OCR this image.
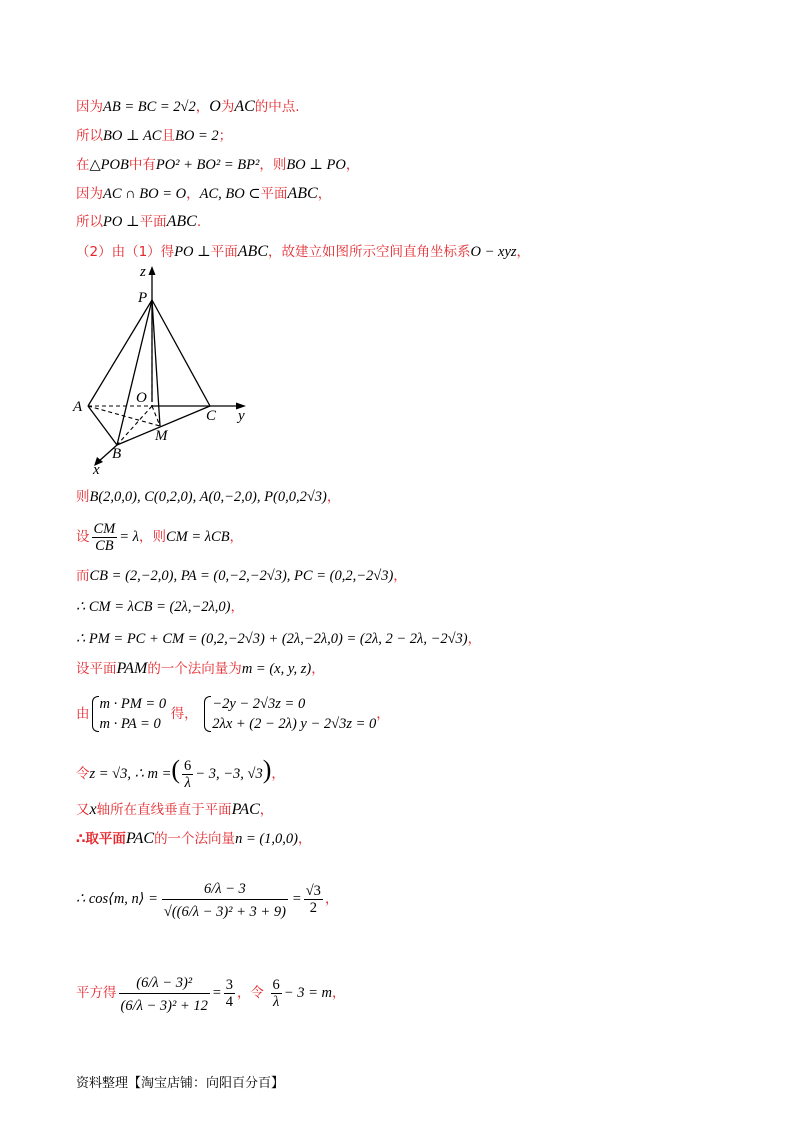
因为AB = BC = 2√2，O为AC的中点.
所以BO ⊥ AC且BO = 2；
在△POB中有PO² + BO² = BP²，则BO ⊥ PO，
因为AC ∩ BO = O，AC, BO ⊂平面ABC，
所以PO ⊥平面ABC.
（2）由（1）得PO ⊥平面ABC，故建立如图所示空间直角坐标系O − xyz，
z
P
A
O
C y
M
B
x
则B(2,0,0), C(0,2,0), A(0,−2,0), P(0,0,2√3)，
设 $\frac{CM}{CB} = \lambda$，则CM = λCB，
而CB = (2,−2,0), PA = (0,−2,−2√3), PC = (0,2,−2√3)，
∴ CM = λCB = (2λ,−2λ,0)，
∴ PM = PC + CM = (0,2,−2√3) + (2λ,−2λ,0) = (2λ, 2 − 2λ, −2√3)，
设平面PAM的一个法向量为m = (x, y, z)，
由
m · PM = 0
m · PA = 0
得，
−2y − 2√3z = 0
2λx + (2 − 2λ) y − 2√3z = 0
，
令z = √3, ∴ m =( $\frac{6}{\lambda} - 3$, −3, √3)，
又x轴所在直线垂直于平面PAC，
∴取平面PAC的一个法向量n = (1,0,0)，
∴ cos⟨m, n⟩ = $\frac{6/\lambda - 3}{\text{√((6/λ − 3)² + 3 + 9)}} = \frac{√3}{2}$ ，
平方得 $\frac{\text{(6/λ − 3)²}}{\text{(6/λ − 3)² + 12}} = \frac{3}{4}$ ，令 $\frac{6}{\lambda} - 3 = m$，
资料整理【淘宝店铺：向阳百分百】
